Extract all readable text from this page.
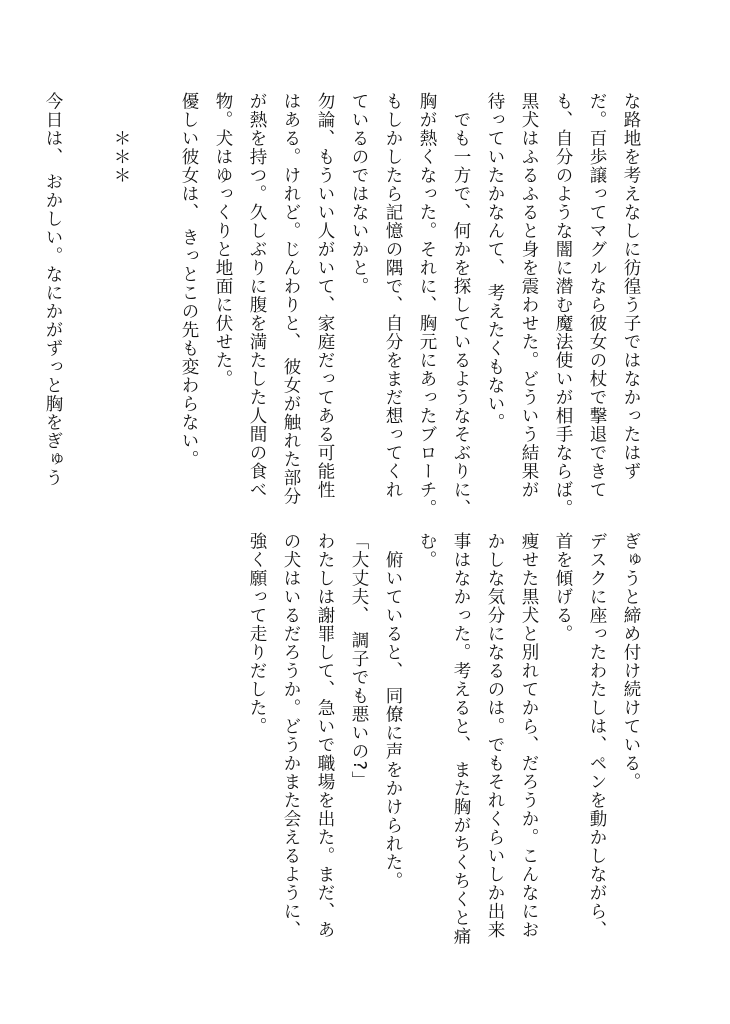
な路地を考えなしに彷徨う子ではなかったはず
だ。百歩譲ってマグルなら彼女の杖で撃退できて
も、自分のような闇に潜む魔法使いが相手ならば。
黒犬はふるふると身を震わせた。どういう結果が
待っていたかなんて、 考えたくもない。
　でも一方で、何かを探しているようなそぶりに、
胸が熱くなった。それに、胸元にあったブローチ。
もしかしたら記憶の隅で、自分をまだ想ってくれ
ているのではないかと。
勿論、もういい人がいて、家庭だってある可能性
はある。けれど。じんわりと、 彼女が触れた部分
が熱を持つ。久しぶりに腹を満たした人間の食べ
物。犬はゆっくりと地面に伏せた。
優しい彼女は、 きっとこの先も変わらない。

　　＊＊＊

今日は、 おかしい。なにかがずっと胸をぎゅう
ぎゅうと締め付け続けている。
デスクに座ったわたしは、ペンを動かしながら、
首を傾げる。
痩せた黒犬と別れてから、だろうか。こんなにお
かしな気分になるのは。でもそれくらいしか出来
事はなかった。考えると、 また胸がちくちくと痛
む。
　俯いていると、 同僚に声をかけられた。
「大丈夫、 調子でも悪いの?」
わたしは謝罪して、急いで職場を出た。まだ、あ
の犬はいるだろうか。どうかまた会えるように、
強く願って走りだした。
